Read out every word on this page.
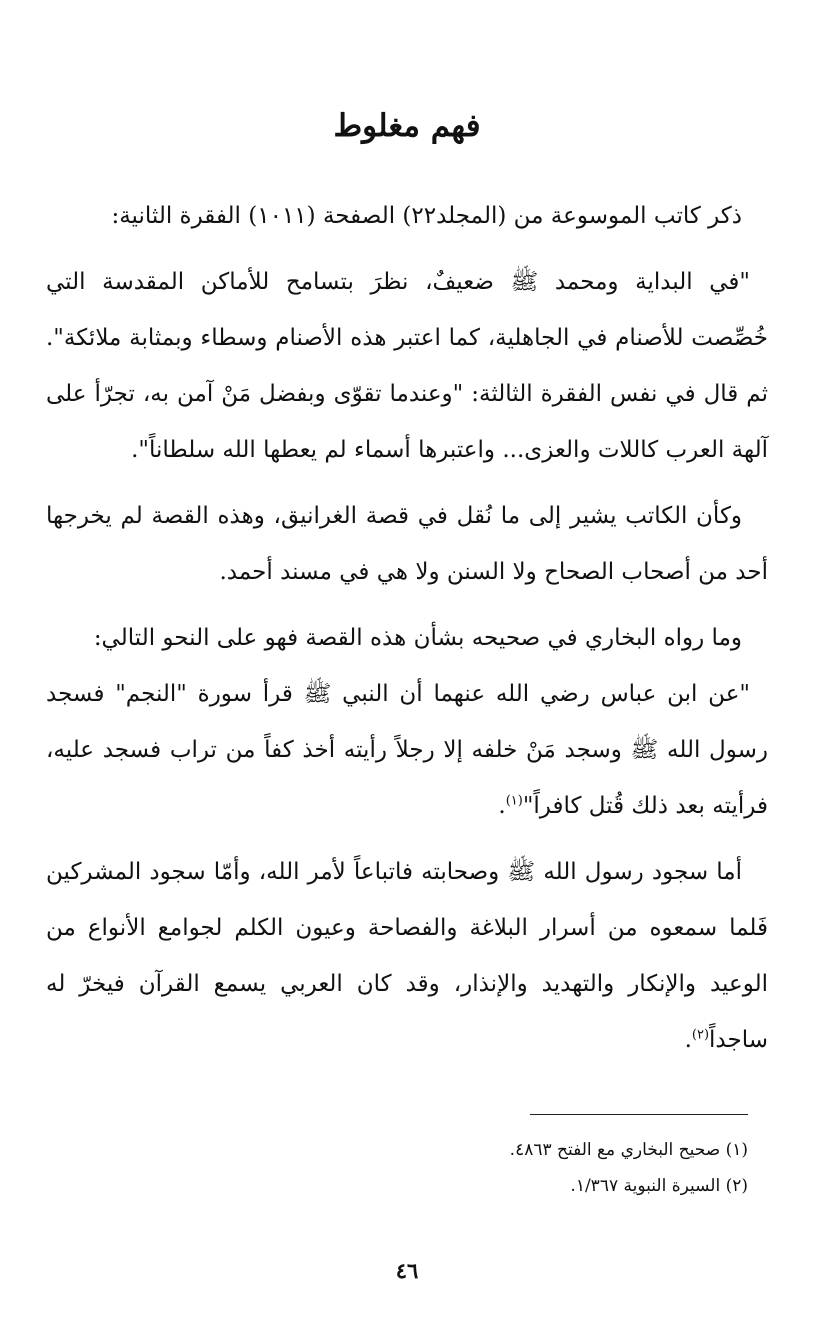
فهم مغلوط

ذكر كاتب الموسوعة من (المجلد٢٢) الصفحة (١٠١١) الفقرة الثانية:

"في البداية ومحمد ﷺ ضعيفٌ، نظرَ بتسامح للأماكن المقدسة التي خُصِّصت للأصنام في الجاهلية، كما اعتبر هذه الأصنام وسطاء وبمثابة ملائكة". ثم قال في نفس الفقرة الثالثة: "وعندما تقوّى وبفضل مَنْ آمن به، تجرّأ على آلهة العرب كاللات والعزى... واعتبرها أسماء لم يعطها الله سلطاناً".

وكأن الكاتب يشير إلى ما نُقل في قصة الغرانيق، وهذه القصة لم يخرجها أحد من أصحاب الصحاح ولا السنن ولا هي في مسند أحمد.

وما رواه البخاري في صحيحه بشأن هذه القصة فهو على النحو التالي:

"عن ابن عباس رضي الله عنهما أن النبي ﷺ قرأ سورة "النجم" فسجد رسول الله ﷺ وسجد مَنْ خلفه إلا رجلاً رأيته أخذ كفاً من تراب فسجد عليه، فرأيته بعد ذلك قُتل كافراً"$^{(١)}$.

أما سجود رسول الله ﷺ وصحابته فاتباعاً لأمر الله، وأمّا سجود المشركين فَلما سمعوه من أسرار البلاغة والفصاحة وعيون الكلم لجوامع الأنواع من الوعيد والإنكار والتهديد والإنذار، وقد كان العربي يسمع القرآن فيخرّ له ساجداً$^{(٢)}$.

(١) صحيح البخاري مع الفتح ٤٨٦٣.

(٢) السيرة النبوية ١/٣٦٧.

٤٦
